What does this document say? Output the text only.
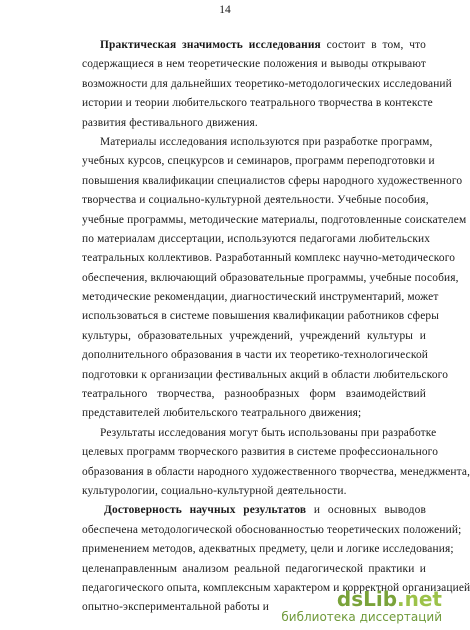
14
Практическая значимость исследования состоит в том, что
содержащиеся в нем теоретические положения и выводы открывают
возможности для дальнейших теоретико-методологических исследований
истории и теории любительского театрального творчества в контексте
развития фестивального движения.
Материалы исследования используются при разработке программ,
учебных курсов, спецкурсов и семинаров, программ переподготовки и
повышения квалификации специалистов сферы народного художественного
творчества и социально-культурной деятельности. Учебные пособия,
учебные программы, методические материалы, подготовленные соискателем
по материалам диссертации, используются педагогами любительских
театральных коллективов. Разработанный комплекс научно-методического
обеспечения, включающий образовательные программы, учебные пособия,
методические рекомендации, диагностический инструментарий, может
использоваться в системе повышения квалификации работников сферы
культуры, образовательных учреждений, учреждений культуры и
дополнительного образования в части их теоретико-технологической
подготовки к организации фестивальных акций в области любительского
театрального творчества, разнообразных форм взаимодействий
представителей любительского театрального движения;
Результаты исследования могут быть использованы при разработке
целевых программ творческого развития в системе профессионального
образования в области народного художественного творчества, менеджмента,
культурологии, социально-культурной деятельности.
Достоверность научных результатов и основных выводов
обеспечена методологической обоснованностью теоретических положений;
применением методов, адекватных предмету, цели и логике исследования;
целенаправленным анализом реальной педагогической практики и
педагогического опыта, комплексным характером и корректной организацией
опытно-экспериментальной работы и	dsLib.net
библиотека диссертаций
